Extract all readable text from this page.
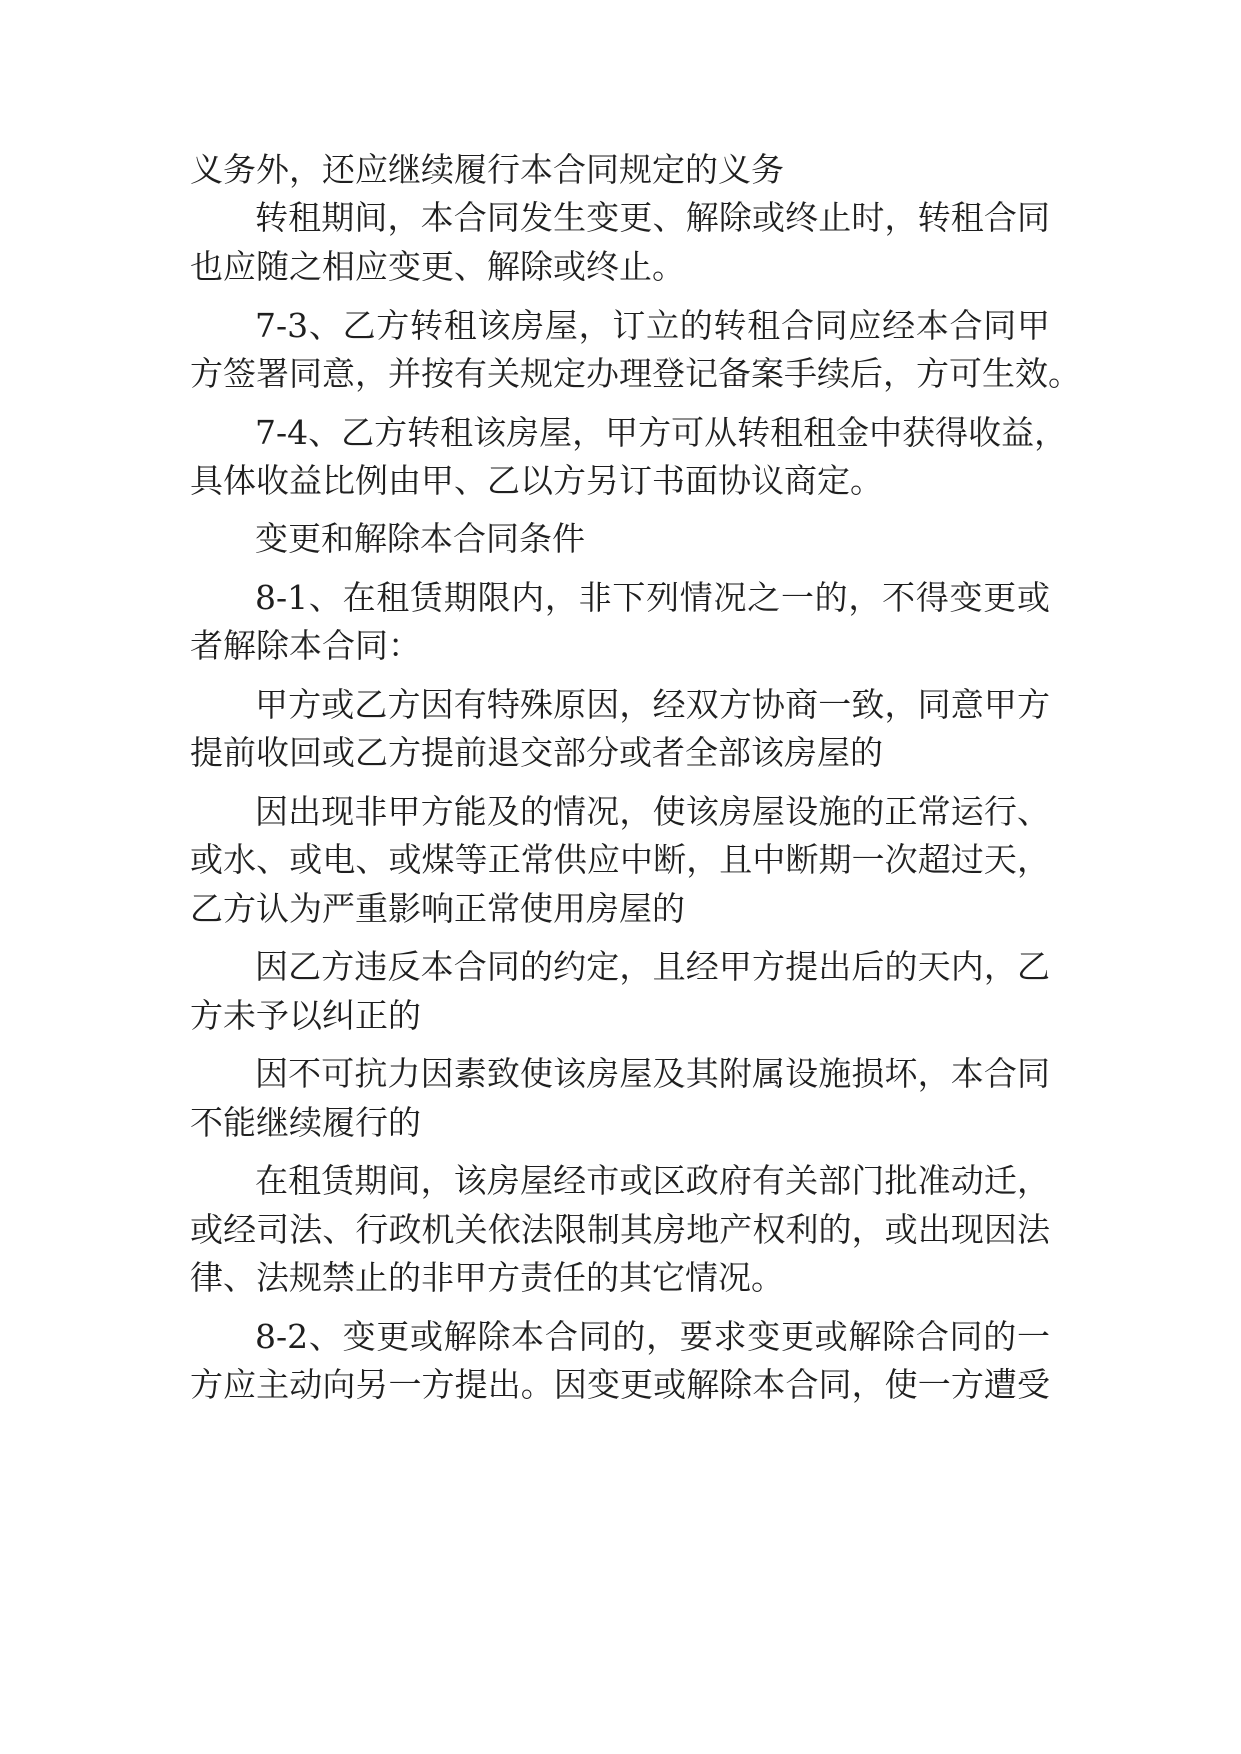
义务外，还应继续履行本合同规定的义务
转租期间，本合同发生变更、解除或终止时，转租合同
也应随之相应变更、解除或终止。
7-3、乙方转租该房屋，订立的转租合同应经本合同甲
方签署同意，并按有关规定办理登记备案手续后，方可生效。
7-4、乙方转租该房屋，甲方可从转租租金中获得收益，
具体收益比例由甲、乙以方另订书面协议商定。
变更和解除本合同条件
8-1、在租赁期限内，非下列情况之一的，不得变更或
者解除本合同：
甲方或乙方因有特殊原因，经双方协商一致，同意甲方
提前收回或乙方提前退交部分或者全部该房屋的
因出现非甲方能及的情况，使该房屋设施的正常运行、
或水、或电、或煤等正常供应中断，且中断期一次超过天，
乙方认为严重影响正常使用房屋的
因乙方违反本合同的约定，且经甲方提出后的天内，乙
方未予以纠正的
因不可抗力因素致使该房屋及其附属设施损坏，本合同
不能继续履行的
在租赁期间，该房屋经市或区政府有关部门批准动迁，
或经司法、行政机关依法限制其房地产权利的，或出现因法
律、法规禁止的非甲方责任的其它情况。
8-2、变更或解除本合同的，要求变更或解除合同的一
方应主动向另一方提出。因变更或解除本合同，使一方遭受
